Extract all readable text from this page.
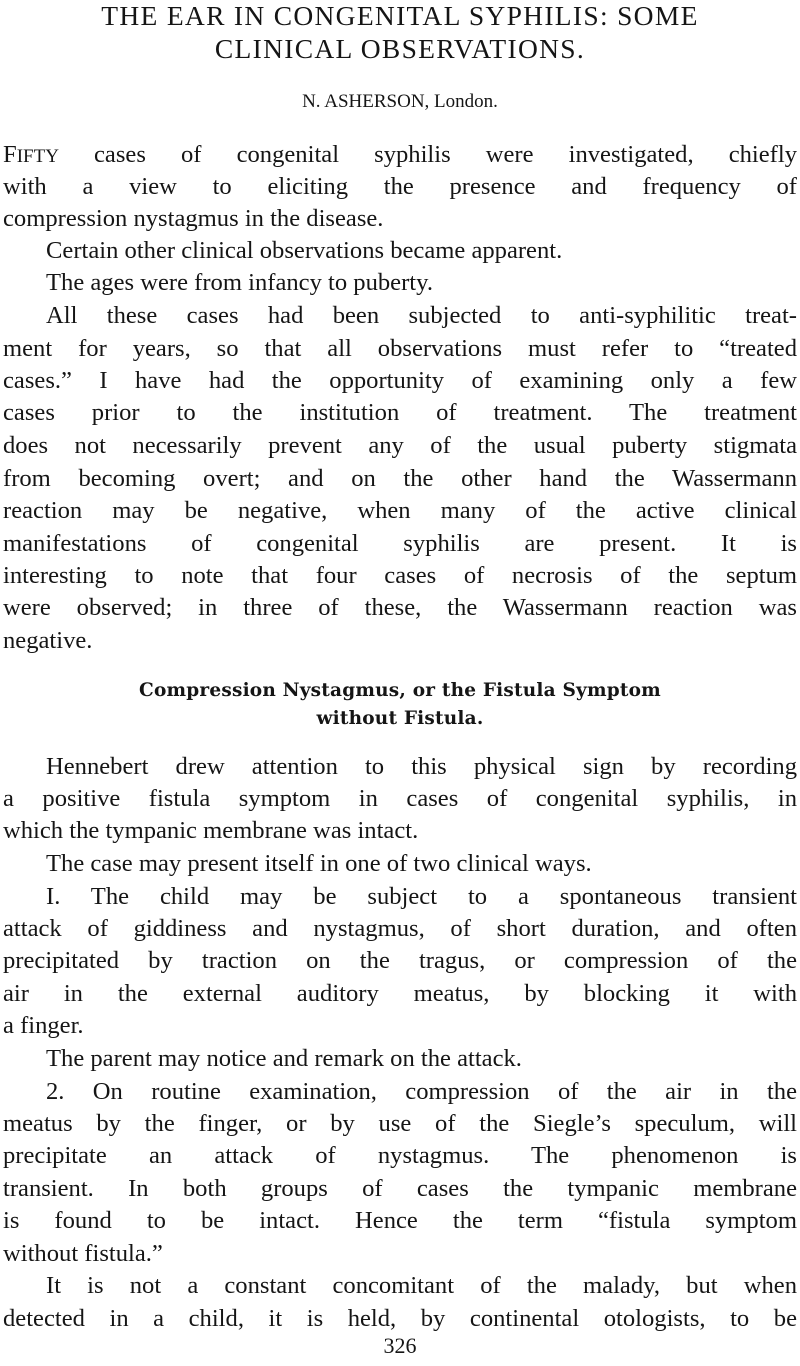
THE EAR IN CONGENITAL SYPHILIS: SOME
CLINICAL OBSERVATIONS.
N. ASHERSON, London.
FIFTY cases of congenital syphilis were investigated, chiefly
with a view to eliciting the presence and frequency of
compression nystagmus in the disease.
Certain other clinical observations became apparent.
The ages were from infancy to puberty.
All these cases had been subjected to anti-syphilitic treat-
ment for years, so that all observations must refer to “treated
cases.” I have had the opportunity of examining only a few
cases prior to the institution of treatment. The treatment
does not necessarily prevent any of the usual puberty stigmata
from becoming overt; and on the other hand the Wassermann
reaction may be negative, when many of the active clinical
manifestations of congenital syphilis are present. It is
interesting to note that four cases of necrosis of the septum
were observed; in three of these, the Wassermann reaction was
negative.
Compression Nystagmus, or the Fistula Symptom
without Fistula.
Hennebert drew attention to this physical sign by recording
a positive fistula symptom in cases of congenital syphilis, in
which the tympanic membrane was intact.
The case may present itself in one of two clinical ways.
I. The child may be subject to a spontaneous transient
attack of giddiness and nystagmus, of short duration, and often
precipitated by traction on the tragus, or compression of the
air in the external auditory meatus, by blocking it with
a finger.
The parent may notice and remark on the attack.
2. On routine examination, compression of the air in the
meatus by the finger, or by use of the Siegle’s speculum, will
precipitate an attack of nystagmus. The phenomenon is
transient. In both groups of cases the tympanic membrane
is found to be intact. Hence the term “fistula symptom
without fistula.”
It is not a constant concomitant of the malady, but when
detected in a child, it is held, by continental otologists, to be
326
